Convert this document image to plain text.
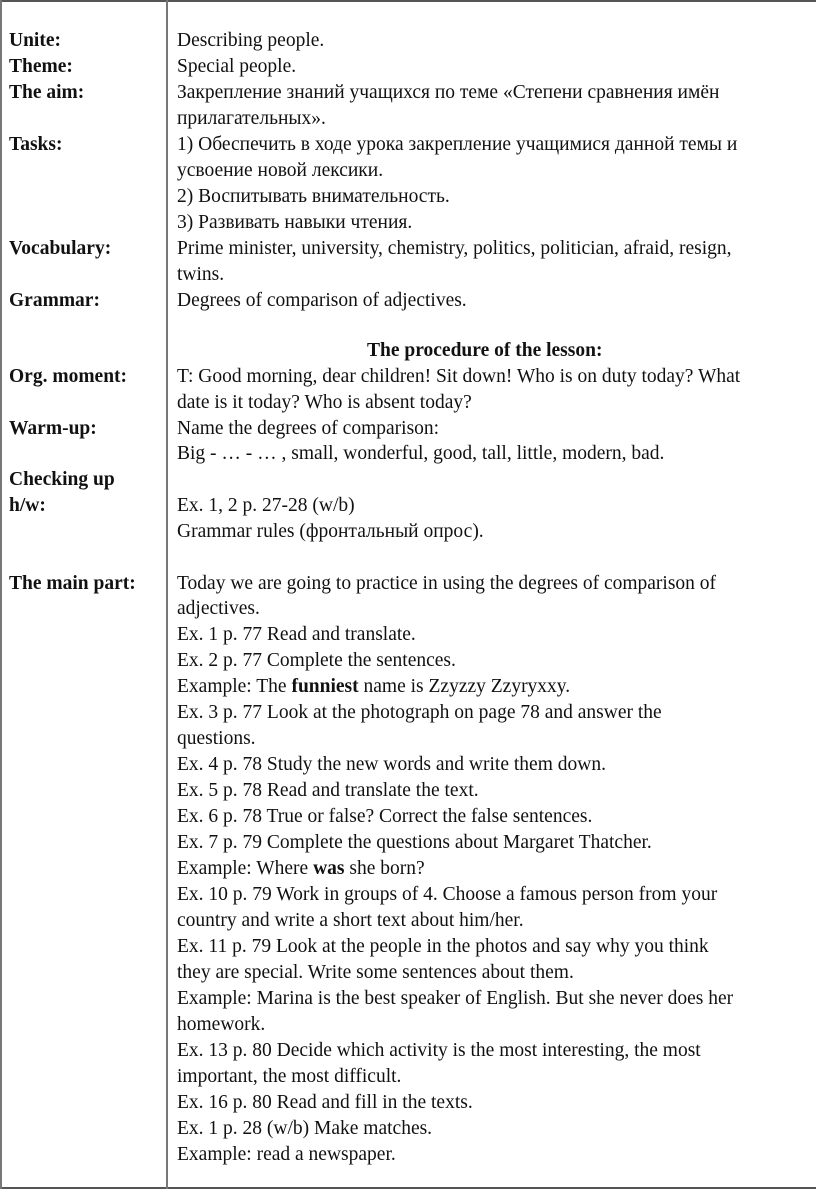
Unite:
Theme:
The aim:
Tasks:
Vocabulary:
Grammar:
Org. moment:
Warm-up:
Checking up
h/w:
The main part:
Describing people.
Special people.
Закрепление знаний учащихся по теме «Степени сравнения имён
прилагательных».
1) Обеспечить в ходе урока закрепление учащимися данной темы и
усвоение новой лексики.
2) Воспитывать внимательность.
3) Развивать навыки чтения.
Prime minister, university, chemistry, politics, politician, afraid, resign,
twins.
Degrees of comparison of adjectives.
The procedure of the lesson:
T: Good morning, dear children! Sit down! Who is on duty today? What
date is it today? Who is absent today?
Name the degrees of comparison:
Big - … - … , small, wonderful, good, tall, little, modern, bad.
Ex. 1, 2 p. 27-28 (w/b)
Grammar rules (фронтальный опрос).
Today we are going to practice in using the degrees of comparison of
adjectives.
Ex. 1 p. 77 Read and translate.
Ex. 2 p. 77 Complete the sentences.
Example: The funniest name is Zzyzzy Zzyryxxy.
Ex. 3 p. 77 Look at the photograph on page 78 and answer the
questions.
Ex. 4 p. 78 Study the new words and write them down.
Ex. 5 p. 78 Read and translate the text.
Ex. 6 p. 78 True or false? Correct the false sentences.
Ex. 7 p. 79 Complete the questions about Margaret Thatcher.
Example: Where was she born?
Ex. 10 p. 79 Work in groups of 4. Choose a famous person from your
country and write a short text about him/her.
Ex. 11 p. 79 Look at the people in the photos and say why you think
they are special. Write some sentences about them.
Example: Marina is the best speaker of English. But she never does her
homework.
Ex. 13 p. 80 Decide which activity is the most interesting, the most
important, the most difficult.
Ex. 16 p. 80 Read and fill in the texts.
Ex. 1 p. 28 (w/b) Make matches.
Example: read a newspaper.
